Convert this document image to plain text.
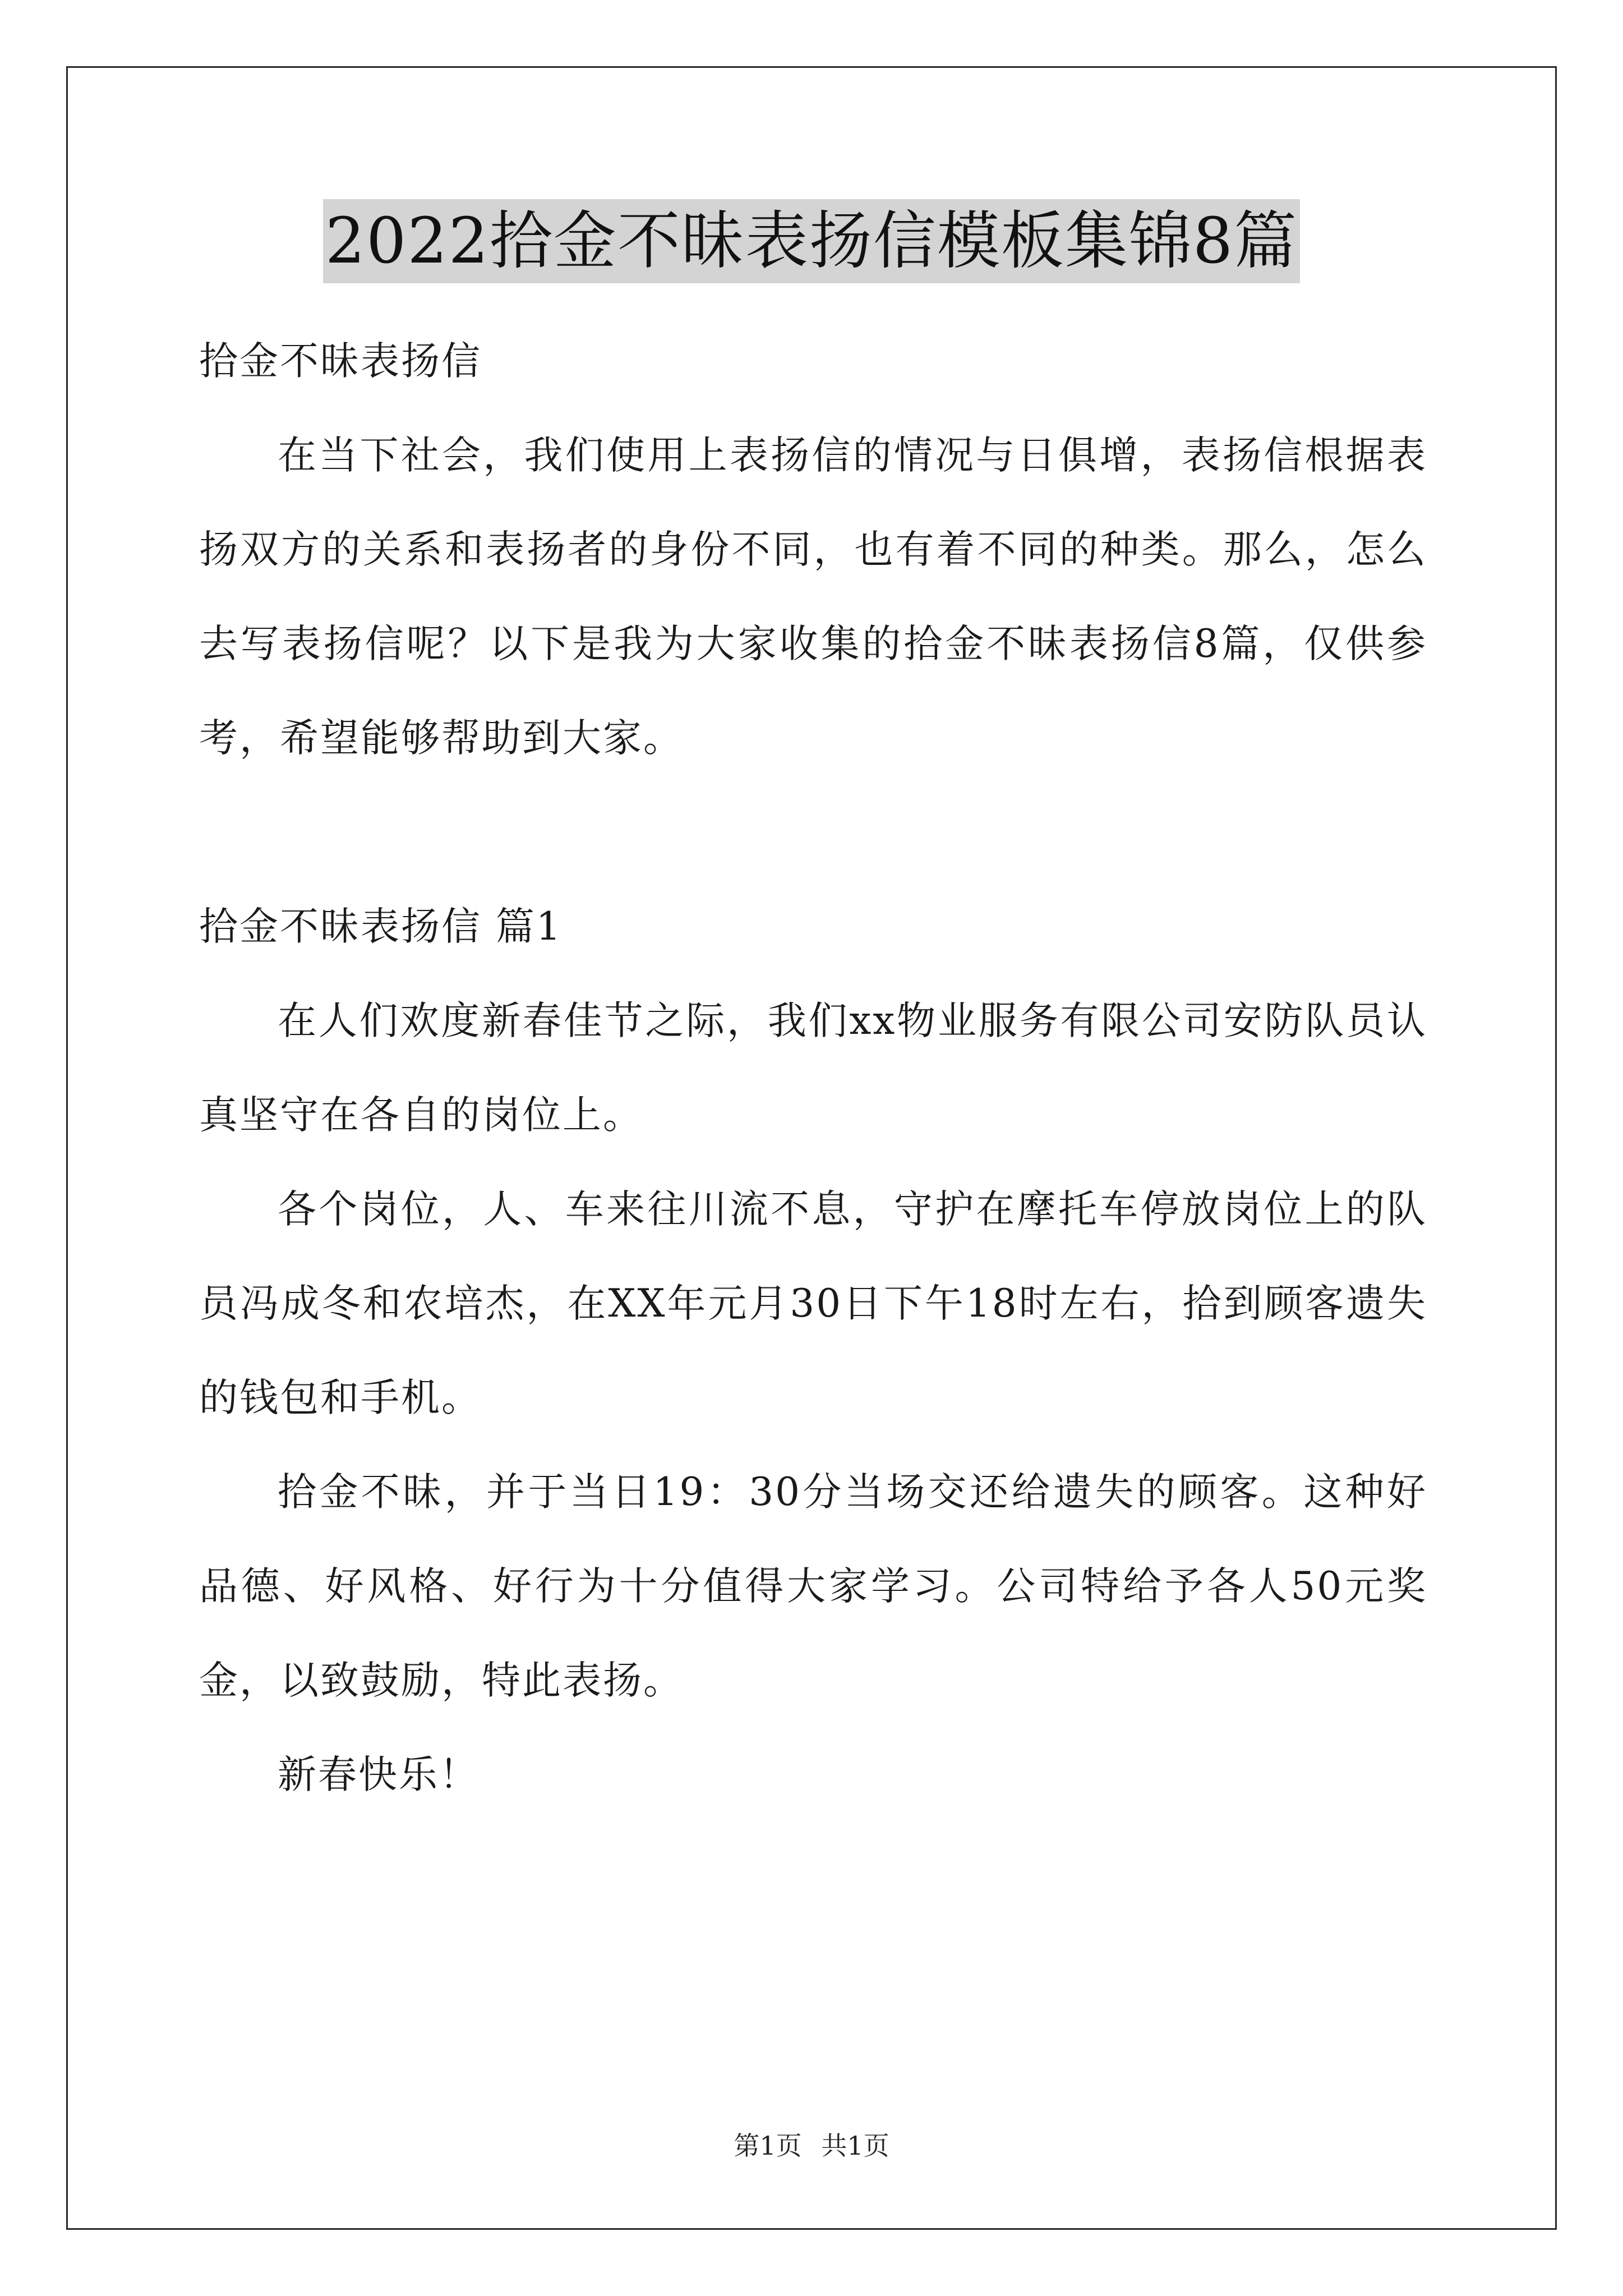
2022拾金不昧表扬信模板集锦8篇
拾金不昧表扬信

在当下社会，我们使用上表扬信的情况与日俱增，表扬信根据表扬双方的关系和表扬者的身份不同，也有着不同的种类。那么，怎么去写表扬信呢？以下是我为大家收集的拾金不昧表扬信8篇，仅供参考，希望能够帮助到大家。

拾金不昧表扬信 篇1

在人们欢度新春佳节之际，我们xx物业服务有限公司安防队员认真坚守在各自的岗位上。

各个岗位，人、车来往川流不息，守护在摩托车停放岗位上的队员冯成冬和农培杰，在XX年元月30日下午18时左右，拾到顾客遗失的钱包和手机。

拾金不昧，并于当日19：30分当场交还给遗失的顾客。这种好品德、好风格、好行为十分值得大家学习。公司特给予各人50元奖金，以致鼓励，特此表扬。

新春快乐！

第1页 共1页
